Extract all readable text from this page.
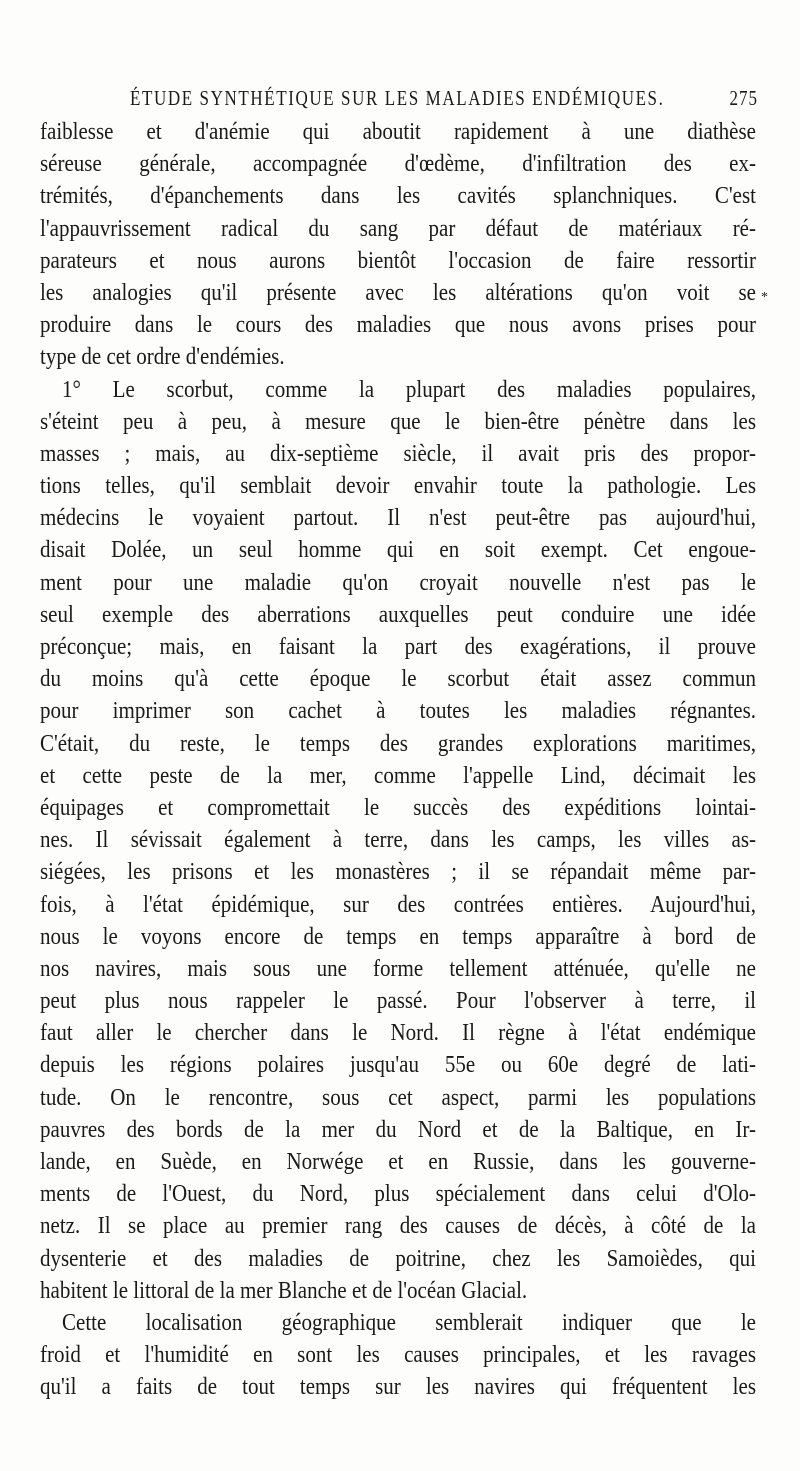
ÉTUDE SYNTHÉTIQUE SUR LES MALADIES ENDÉMIQUES.	275
*
faiblesse et d'anémie qui aboutit rapidement à une diathèse
séreuse générale, accompagnée d'œdème, d'infiltration des ex-
trémités, d'épanchements dans les cavités splanchniques. C'est
l'appauvrissement radical du sang par défaut de matériaux ré-
parateurs et nous aurons bientôt l'occasion de faire ressortir
les analogies qu'il présente avec les altérations qu'on voit se
produire dans le cours des maladies que nous avons prises pour
type de cet ordre d'endémies.
1° Le scorbut, comme la plupart des maladies populaires,
s'éteint peu à peu, à mesure que le bien-être pénètre dans les
masses ; mais, au dix-septième siècle, il avait pris des propor-
tions telles, qu'il semblait devoir envahir toute la pathologie. Les
médecins le voyaient partout. Il n'est peut-être pas aujourd'hui,
disait Dolée, un seul homme qui en soit exempt. Cet engoue-
ment pour une maladie qu'on croyait nouvelle n'est pas le
seul exemple des aberrations auxquelles peut conduire une idée
préconçue; mais, en faisant la part des exagérations, il prouve
du moins qu'à cette époque le scorbut était assez commun
pour imprimer son cachet à toutes les maladies régnantes.
C'était, du reste, le temps des grandes explorations maritimes,
et cette peste de la mer, comme l'appelle Lind, décimait les
équipages et compromettait le succès des expéditions lointai-
nes. Il sévissait également à terre, dans les camps, les villes as-
siégées, les prisons et les monastères ; il se répandait même par-
fois, à l'état épidémique, sur des contrées entières. Aujourd'hui,
nous le voyons encore de temps en temps apparaître à bord de
nos navires, mais sous une forme tellement atténuée, qu'elle ne
peut plus nous rappeler le passé. Pour l'observer à terre, il
faut aller le chercher dans le Nord. Il règne à l'état endémique
depuis les régions polaires jusqu'au 55e ou 60e degré de lati-
tude. On le rencontre, sous cet aspect, parmi les populations
pauvres des bords de la mer du Nord et de la Baltique, en Ir-
lande, en Suède, en Norwége et en Russie, dans les gouverne-
ments de l'Ouest, du Nord, plus spécialement dans celui d'Olo-
netz. Il se place au premier rang des causes de décès, à côté de la
dysenterie et des maladies de poitrine, chez les Samoièdes, qui
habitent le littoral de la mer Blanche et de l'océan Glacial.
Cette localisation géographique semblerait indiquer que le
froid et l'humidité en sont les causes principales, et les ravages
qu'il a faits de tout temps sur les navires qui fréquentent les
